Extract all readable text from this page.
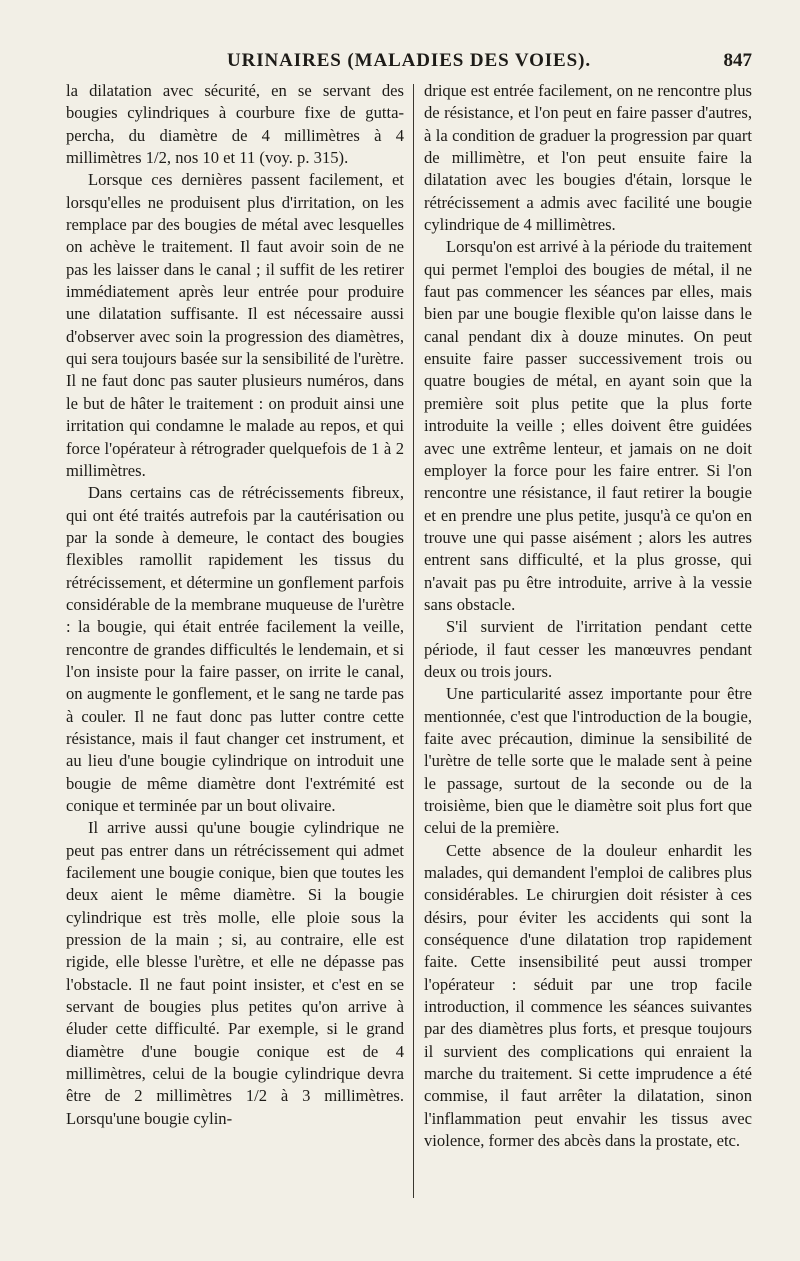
URINAIRES (MALADIES DES VOIES).	847

la dilatation avec sécurité, en se servant des bougies cylindriques à courbure fixe de gutta-percha, du diamètre de 4 millimètres à 4 millimètres 1/2, nos 10 et 11 (voy. p. 315).

Lorsque ces dernières passent facilement, et lorsqu'elles ne produisent plus d'irritation, on les remplace par des bougies de métal avec lesquelles on achève le traitement. Il faut avoir soin de ne pas les laisser dans le canal ; il suffit de les retirer immédiatement après leur entrée pour produire une dilatation suffisante. Il est nécessaire aussi d'observer avec soin la progression des diamètres, qui sera toujours basée sur la sensibilité de l'urètre. Il ne faut donc pas sauter plusieurs numéros, dans le but de hâter le traitement : on produit ainsi une irritation qui condamne le malade au repos, et qui force l'opérateur à rétrograder quelquefois de 1 à 2 millimètres.

Dans certains cas de rétrécissements fibreux, qui ont été traités autrefois par la cautérisation ou par la sonde à demeure, le contact des bougies flexibles ramollit rapidement les tissus du rétrécissement, et détermine un gonflement parfois considérable de la membrane muqueuse de l'urètre : la bougie, qui était entrée facilement la veille, rencontre de grandes difficultés le lendemain, et si l'on insiste pour la faire passer, on irrite le canal, on augmente le gonflement, et le sang ne tarde pas à couler. Il ne faut donc pas lutter contre cette résistance, mais il faut changer cet instrument, et au lieu d'une bougie cylindrique on introduit une bougie de même diamètre dont l'extrémité est conique et terminée par un bout olivaire.

Il arrive aussi qu'une bougie cylindrique ne peut pas entrer dans un rétrécissement qui admet facilement une bougie conique, bien que toutes les deux aient le même diamètre. Si la bougie cylindrique est très molle, elle ploie sous la pression de la main ; si, au contraire, elle est rigide, elle blesse l'urètre, et elle ne dépasse pas l'obstacle. Il ne faut point insister, et c'est en se servant de bougies plus petites qu'on arrive à éluder cette difficulté. Par exemple, si le grand diamètre d'une bougie conique est de 4 millimètres, celui de la bougie cylindrique devra être de 2 millimètres 1/2 à 3 millimètres. Lorsqu'une bougie cylin-

drique est entrée facilement, on ne rencontre plus de résistance, et l'on peut en faire passer d'autres, à la condition de graduer la progression par quart de millimètre, et l'on peut ensuite faire la dilatation avec les bougies d'étain, lorsque le rétrécissement a admis avec facilité une bougie cylindrique de 4 millimètres.

Lorsqu'on est arrivé à la période du traitement qui permet l'emploi des bougies de métal, il ne faut pas commencer les séances par elles, mais bien par une bougie flexible qu'on laisse dans le canal pendant dix à douze minutes. On peut ensuite faire passer successivement trois ou quatre bougies de métal, en ayant soin que la première soit plus petite que la plus forte introduite la veille ; elles doivent être guidées avec une extrême lenteur, et jamais on ne doit employer la force pour les faire entrer. Si l'on rencontre une résistance, il faut retirer la bougie et en prendre une plus petite, jusqu'à ce qu'on en trouve une qui passe aisément ; alors les autres entrent sans difficulté, et la plus grosse, qui n'avait pas pu être introduite, arrive à la vessie sans obstacle.

S'il survient de l'irritation pendant cette période, il faut cesser les manœuvres pendant deux ou trois jours.

Une particularité assez importante pour être mentionnée, c'est que l'introduction de la bougie, faite avec précaution, diminue la sensibilité de l'urètre de telle sorte que le malade sent à peine le passage, surtout de la seconde ou de la troisième, bien que le diamètre soit plus fort que celui de la première.

Cette absence de la douleur enhardit les malades, qui demandent l'emploi de calibres plus considérables. Le chirurgien doit résister à ces désirs, pour éviter les accidents qui sont la conséquence d'une dilatation trop rapidement faite. Cette insensibilité peut aussi tromper l'opérateur : séduit par une trop facile introduction, il commence les séances suivantes par des diamètres plus forts, et presque toujours il survient des complications qui enraient la marche du traitement. Si cette imprudence a été commise, il faut arrêter la dilatation, sinon l'inflammation peut envahir les tissus avec violence, former des abcès dans la prostate, etc.
